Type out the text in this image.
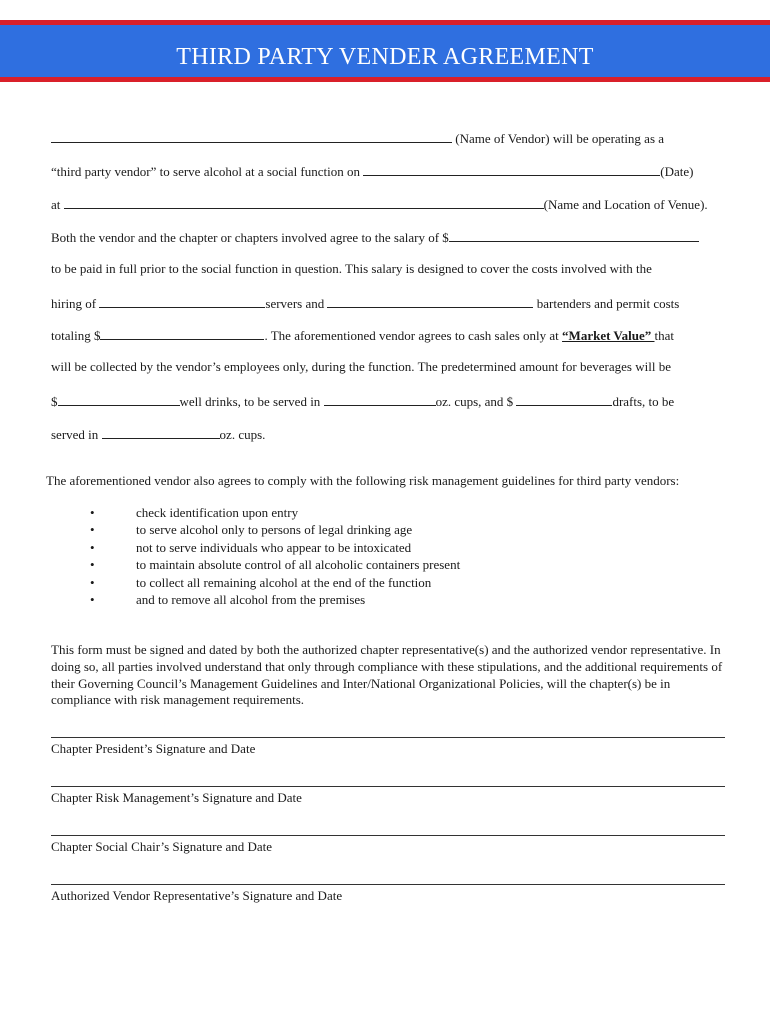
THIRD PARTY VENDER AGREEMENT
(Name of Vendor) will be operating as a
“third party vendor” to serve alcohol at a social function on	(Date)
at	(Name and Location of Venue).
Both the vendor and the chapter or chapters involved agree to the salary of $
to be paid in full prior to the social function in question. This salary is designed to cover the costs involved with the
hiring of	servers and	bartenders and permit costs
totaling $	. The aforementioned vendor agrees to cash sales only at “Market Value” that
will be collected by the vendor’s employees only, during the function. The predetermined amount for beverages will be
$	well drinks, to be served in	oz. cups, and $	drafts, to be
served in	oz. cups.
The aforementioned vendor also agrees to comply with the following risk management guidelines for third party vendors:
•	check identification upon entry
•	to serve alcohol only to persons of legal drinking age
•	not to serve individuals who appear to be intoxicated
•	to maintain absolute control of all alcoholic containers present
•	to collect all remaining alcohol at the end of the function
•	and to remove all alcohol from the premises
This form must be signed and dated by both the authorized chapter representative(s) and the authorized vendor representative. In doing so, all parties involved understand that only through compliance with these stipulations, and the additional requirements of their Governing Council’s Management Guidelines and Inter/National Organizational Policies, will the chapter(s) be in compliance with risk management requirements.
Chapter President’s Signature and Date
Chapter Risk Management’s Signature and Date
Chapter Social Chair’s Signature and Date
Authorized Vendor Representative’s Signature and Date
